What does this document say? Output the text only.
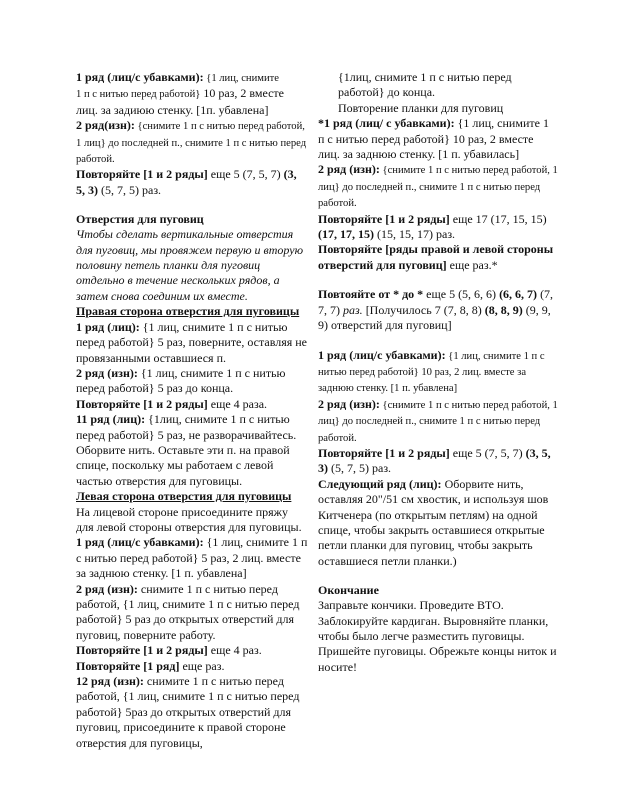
1 ряд (лиц/с убавками): {1 лиц, снимите
1 п с нитью перед работой} 10 раз, 2 вместе лиц. за задиюю стенку. [1п. убавлена]

2 ряд(изн): {снимите 1 п с нитью перед работой, 1 лиц} до последней п., снимите 1 п с нитью перед работой.

Повторяйте [1 и 2 ряды] еще 5 (7, 5, 7) (3, 5, 3) (5, 7, 5) раз.

Отверстия для пуговиц

Чтобы сделать вертикальные отверстия для пуговиц, мы провяжем первую и вторую половину петель планки для пуговиц отдельно в течение нескольких рядов, а затем снова соединим их вместе.

Правая сторона отверстия для пуговицы

1 ряд (лиц): {1 лиц, снимите 1 п с нитью перед работой} 5 раз, поверните, оставляя не провязанными оставшиеся п.

2 ряд (изн): {1 лиц, снимите 1 п с нитью перед работой} 5 раз до конца.

Повторяйте [1 и 2 ряды] еще 4 раза.

11 ряд (лиц): {1лиц, снимите 1 п с нитью перед работой} 5 раз, не разворачивайтесь. Оборвите нить. Оставьте эти п. на правой спице, поскольку мы работаем с левой частью отверстия для пуговицы.

Левая сторона отверстия для пуговицы

На лицевой стороне присоедините пряжу для левой стороны отверстия для пуговицы.

1 ряд (лиц/с убавками): {1 лиц, снимите 1 п с нитью перед работой} 5 раз, 2 лиц. вместе за заднюю стенку. [1 п. убавлена]

2 ряд (изн): снимите 1 п с нитью перед работой, {1 лиц, снимите 1 п с нитью перед работой} 5 раз до открытых отверстий для пуговиц, поверните работу.

Повторяйте [1 и 2 ряды] еще 4 раз.

Повторяйте [1 ряд] еще раз.

12 ряд (изн): снимите 1 п с нитью перед работой, {1 лиц, снимите 1 п с нитью перед работой} 5раз до открытых отверстий для пуговиц, присоедините к правой стороне отверстия для пуговицы,

{1лиц, снимите 1 п с нитью перед работой} до конца.

Повторение планки для пуговиц

*1 ряд (лиц/ с убавками): {1 лиц, снимите 1 п с нитью перед работой} 10 раз, 2 вместе лиц. за заднюю стенку. [1 п. убавилась]

2 ряд (изн): {снимите 1 п с нитью перед работой, 1 лиц} до последней п., снимите 1 п с нитью перед работой.

Повторяйте [1 и 2 ряды] еще 17 (17, 15, 15) (17, 17, 15) (15, 15, 17) раз.

Повторяйте [ряды правой и левой стороны отверстий для пуговиц] еще раз.*

Повтояйте от * до * еще 5 (5, 6, 6) (6, 6, 7) (7, 7, 7) раз. [Получилось 7 (7, 8, 8) (8, 8, 9) (9, 9, 9) отверстий для пуговиц]

1 ряд (лиц/с убавками): {1 лиц, снимите 1 п с нитью перед работой} 10 раз, 2 лиц. вместе за заднюю стенку. [1 п. убавлена]

2 ряд (изн): {снимите 1 п с нитью перед работой, 1 лиц} до последней п., снимите 1 п с нитью перед работой.

Повторяйте [1 и 2 ряды] еще 5 (7, 5, 7) (3, 5, 3) (5, 7, 5) раз.

Следующий ряд (лиц): Оборвите нить, оставляя 20"/51 см хвостик, и используя шов Китченера (по открытым петлям) на одной спице, чтобы закрыть оставшиеся открытые петли планки для пуговиц, чтобы закрыть оставшиеся петли планки.)

Окончание

Заправьте кончики. Проведите ВТО. Заблокируйте кардиган. Выровняйте планки, чтобы было легче разместить пуговицы. Пришейте пуговицы. Обрежьте концы ниток и носите!
